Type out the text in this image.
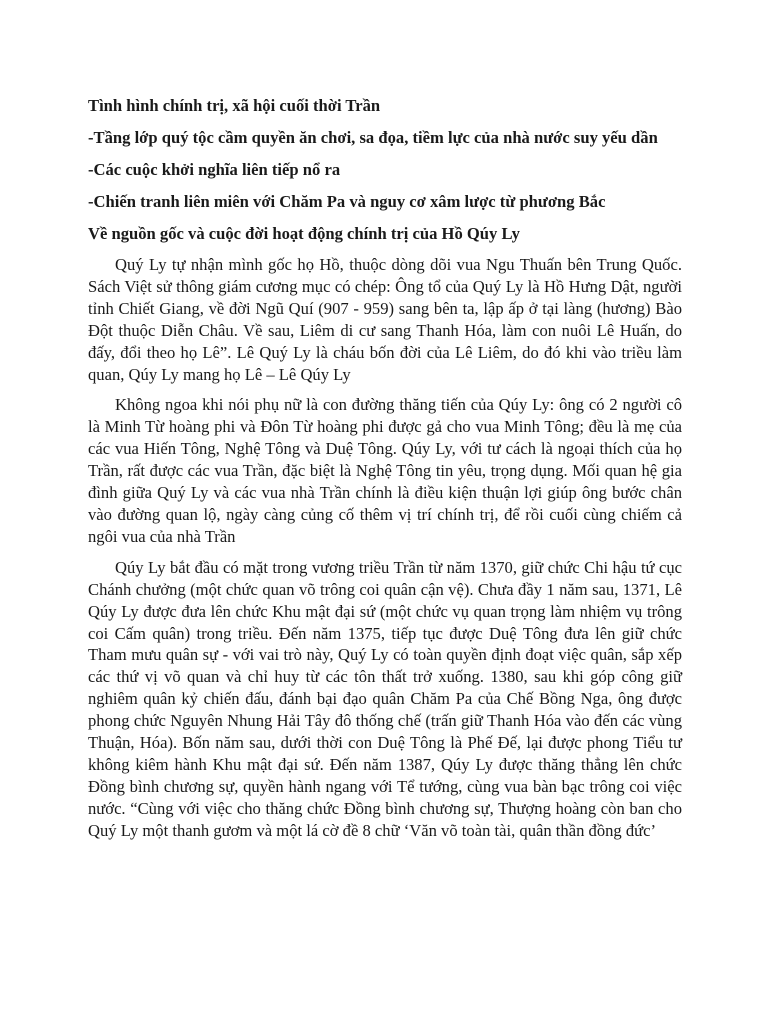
Tình hình chính trị, xã hội cuối thời Trần

-Tầng lớp quý tộc cầm quyền ăn chơi, sa đọa, tiềm lực của nhà nước suy yếu dần

-Các cuộc khởi nghĩa liên tiếp nổ ra

-Chiến tranh liên miên với Chăm Pa và nguy cơ xâm lược từ phương Bắc

Về nguồn gốc và cuộc đời hoạt động chính trị của Hồ Qúy Ly

Quý Ly tự nhận mình gốc họ Hồ, thuộc dòng dõi vua Ngu Thuấn bên Trung Quốc. Sách Việt sử thông giám cương mục có chép: Ông tổ của Quý Ly là Hồ Hưng Dật, người tỉnh Chiết Giang, về đời Ngũ Quí (907 - 959) sang bên ta, lập ấp ở tại làng (hương) Bào Đột thuộc Diễn Châu. Về sau, Liêm di cư sang Thanh Hóa, làm con nuôi Lê Huấn, do đấy, đổi theo họ Lê”. Lê Quý Ly là cháu bốn đời của Lê Liêm, do đó khi vào triều làm quan, Qúy Ly mang họ Lê – Lê Qúy Ly

Không ngoa khi nói phụ nữ là con đường thăng tiến của Qúy Ly: ông có 2 người cô là Minh Từ hoàng phi và Đôn Từ hoàng phi được gả cho vua Minh Tông; đều là mẹ của các vua Hiến Tông, Nghệ Tông và Duệ Tông. Qúy Ly, với tư cách là ngoại thích của họ Trần, rất được các vua Trần, đặc biệt là Nghệ Tông tin yêu, trọng dụng. Mối quan hệ gia đình giữa Quý Ly và các vua nhà Trần chính là điều kiện thuận lợi giúp ông bước chân vào đường quan lộ, ngày càng củng cố thêm vị trí chính trị, để rồi cuối cùng chiếm cả ngôi vua của nhà Trần

Qúy Ly bắt đầu có mặt trong vương triều Trần từ năm 1370, giữ chức Chi hậu tứ cục Chánh chưởng (một chức quan võ trông coi quân cận vệ). Chưa đầy 1 năm sau, 1371, Lê Qúy Ly được đưa lên chức Khu mật đại sứ (một chức vụ quan trọng làm nhiệm vụ trông coi Cấm quân) trong triều. Đến năm 1375, tiếp tục được Duệ Tông đưa lên giữ chức Tham mưu quân sự - với vai trò này, Quý Ly có toàn quyền định đoạt việc quân, sắp xếp các thứ vị võ quan và chỉ huy từ các tôn thất trở xuống. 1380, sau khi góp công giữ nghiêm quân kỷ chiến đấu, đánh bại đạo quân Chăm Pa của Chế Bồng Nga, ông được phong chức Nguyên Nhung Hải Tây đô thống chế (trấn giữ Thanh Hóa vào đến các vùng Thuận, Hóa). Bốn năm sau, dưới thời con Duệ Tông là Phế Đế, lại được phong Tiểu tư không kiêm hành Khu mật đại sứ. Đến năm 1387, Qúy Ly được thăng thẳng lên chức Đồng bình chương sự, quyền hành ngang với Tể tướng, cùng vua bàn bạc trông coi việc nước. “Cùng với việc cho thăng chức Đồng bình chương sự, Thượng hoàng còn ban cho Quý Ly một thanh gươm và một lá cờ đề 8 chữ ‘Văn võ toàn tài, quân thần đồng đức’
